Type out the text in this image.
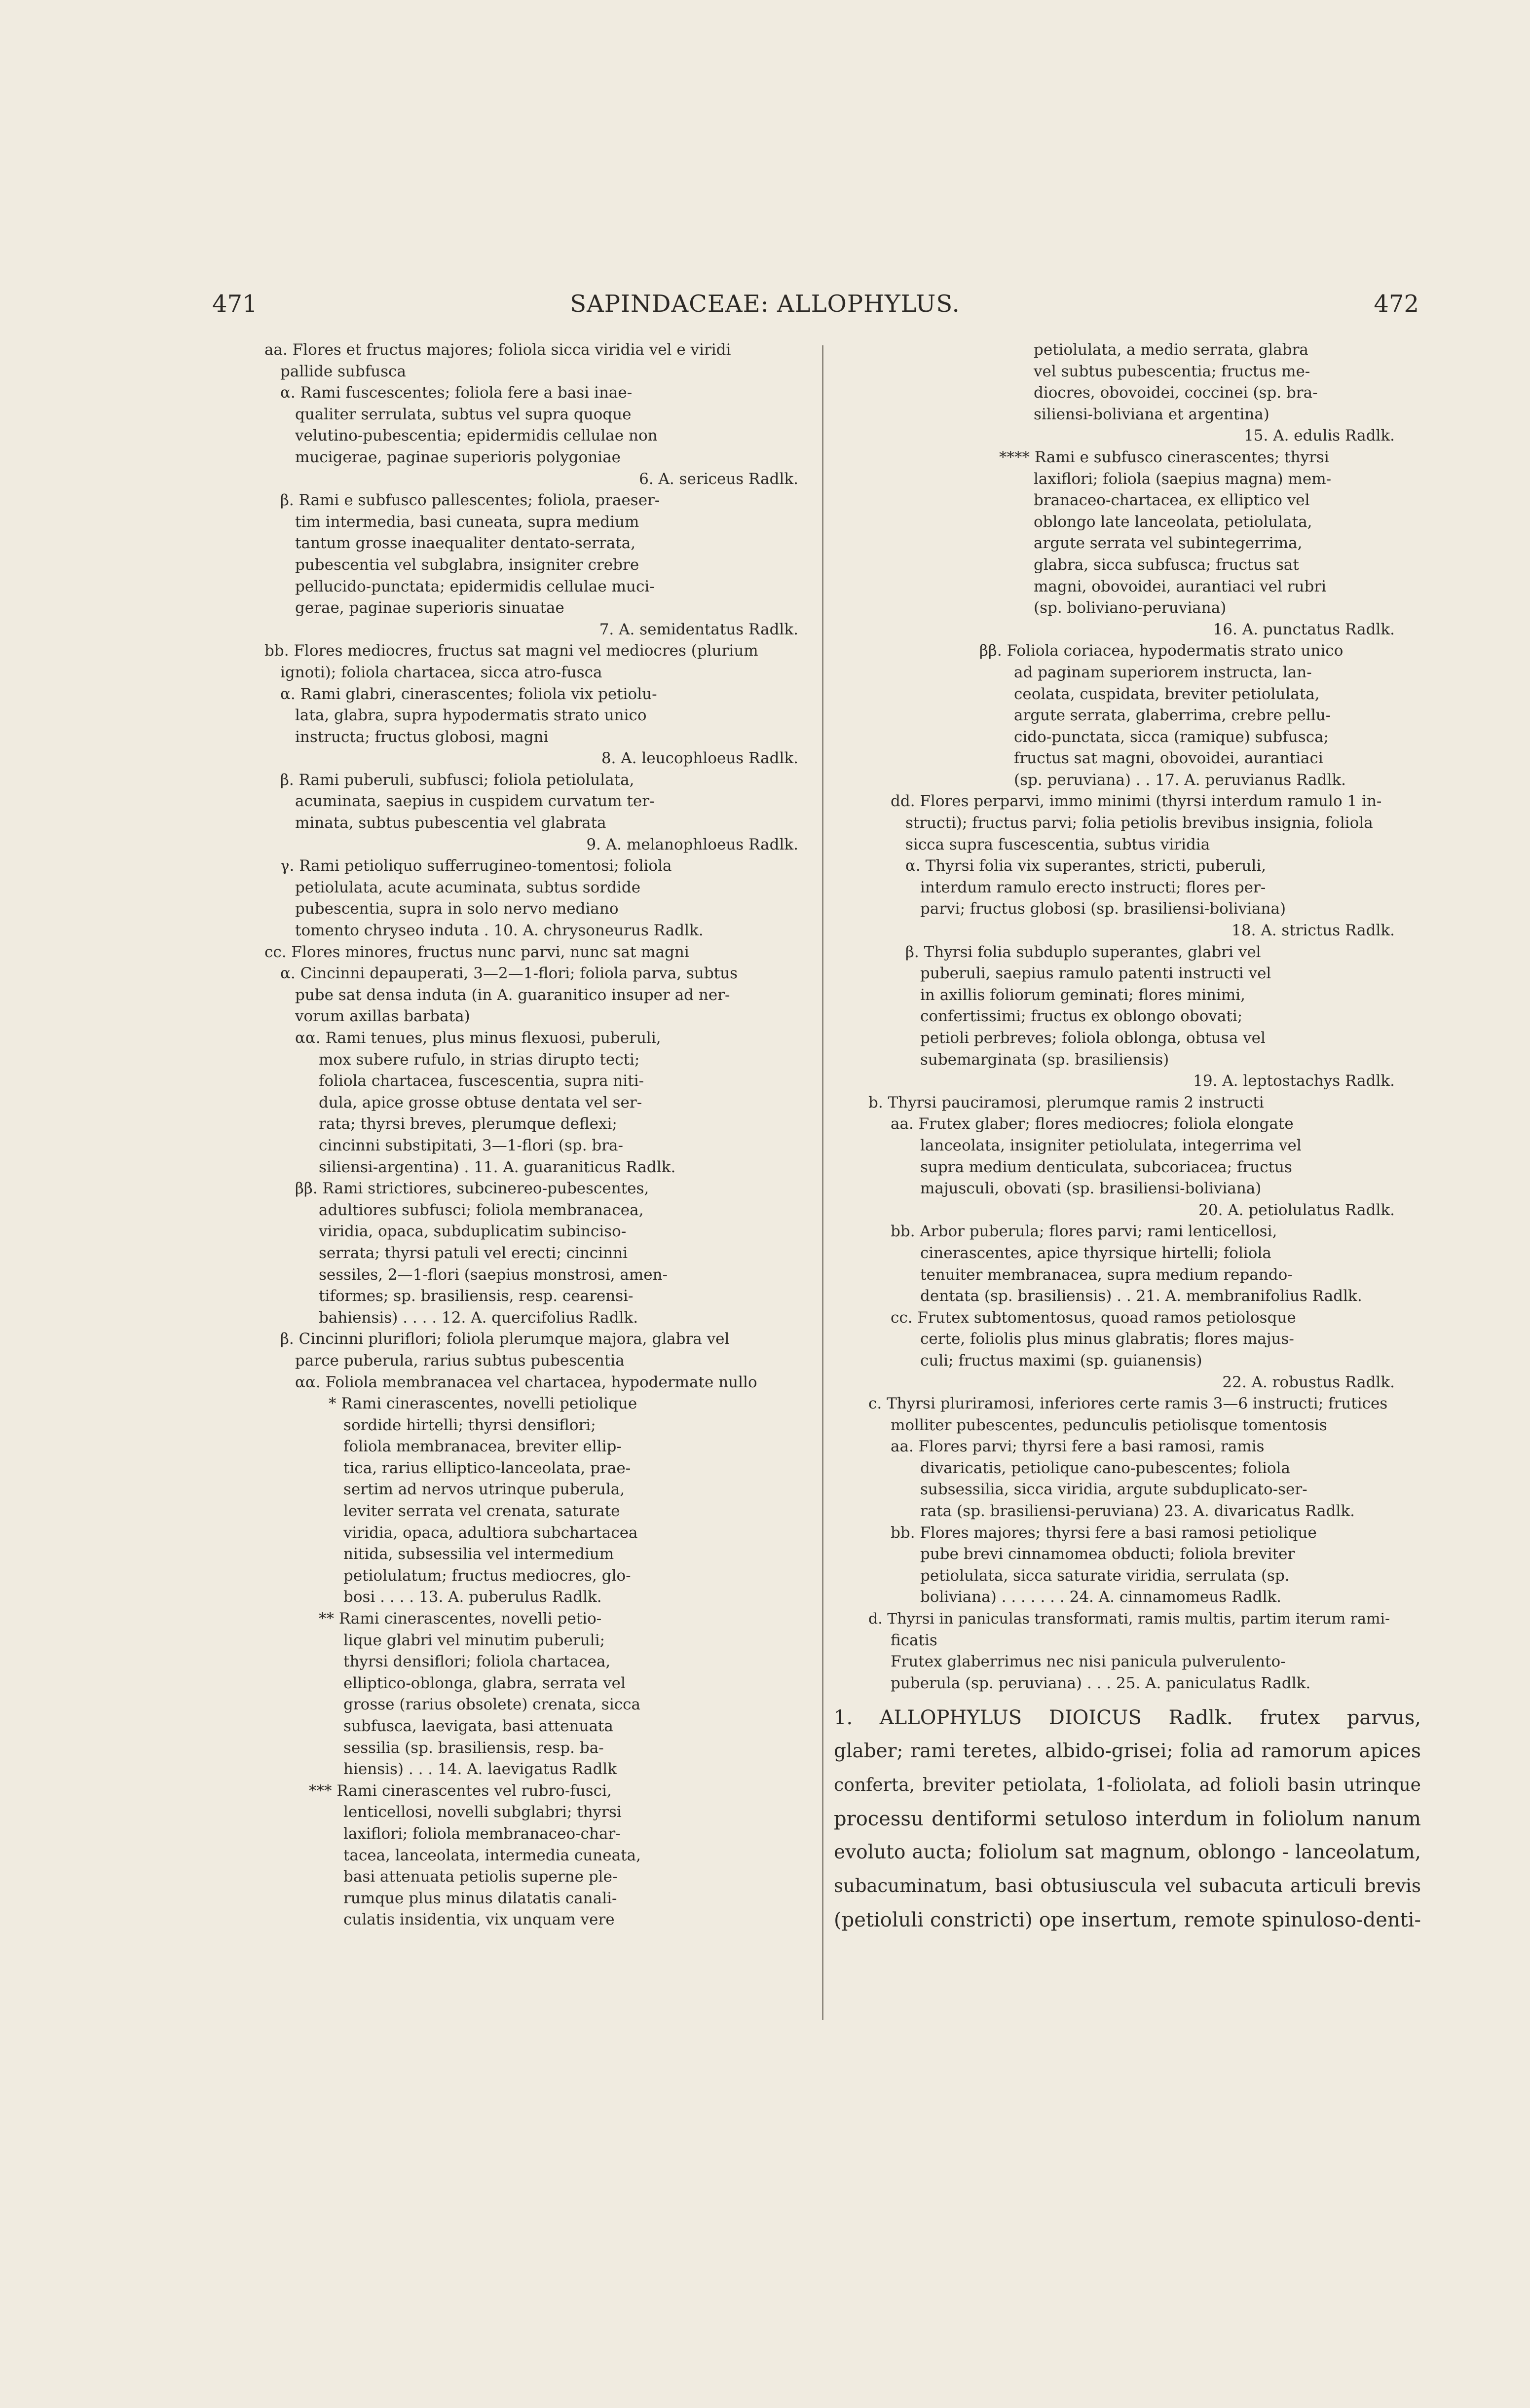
471	SAPINDACEAE: ALLOPHYLUS.	472
aa. Flores et fructus majores; foliola sicca viridia vel e viridi
pallide subfusca
α. Rami fuscescentes; foliola fere a basi inae-
qualiter serrulata, subtus vel supra quoque
velutino-pubescentia; epidermidis cellulae non
mucigerae, paginae superioris polygoniae
6. A. sericeus Radlk.
β. Rami e subfusco pallescentes; foliola, praeser-
tim intermedia, basi cuneata, supra medium
tantum grosse inaequaliter dentato-serrata,
pubescentia vel subglabra, insigniter crebre
pellucido-punctata; epidermidis cellulae muci-
gerae, paginae superioris sinuatae
7. A. semidentatus Radlk.
bb. Flores mediocres, fructus sat magni vel mediocres (plurium
ignoti); foliola chartacea, sicca atro-fusca
α. Rami glabri, cinerascentes; foliola vix petiolu-
lata, glabra, supra hypodermatis strato unico
instructa; fructus globosi, magni
8. A. leucophloeus Radlk.
β. Rami puberuli, subfusci; foliola petiolulata,
acuminata, saepius in cuspidem curvatum ter-
minata, subtus pubescentia vel glabrata
9. A. melanophloeus Radlk.
γ. Rami petioliquo sufferrugineo-tomentosi; foliola
petiolulata, acute acuminata, subtus sordide
pubescentia, supra in solo nervo mediano
tomento chryseo induta . 10. A. chrysoneurus Radlk.
cc. Flores minores, fructus nunc parvi, nunc sat magni
α. Cincinni depauperati, 3—2—1-flori; foliola parva, subtus
pube sat densa induta (in A. guaranitico insuper ad ner-
vorum axillas barbata)
αα. Rami tenues, plus minus flexuosi, puberuli,
mox subere rufulo, in strias dirupto tecti;
foliola chartacea, fuscescentia, supra niti-
dula, apice grosse obtuse dentata vel ser-
rata; thyrsi breves, plerumque deflexi;
cincinni substipitati, 3—1-flori (sp. bra-
siliensi-argentina) . 11. A. guaraniticus Radlk.
ββ. Rami strictiores, subcinereo-pubescentes,
adultiores subfusci; foliola membranacea,
viridia, opaca, subduplicatim subinciso-
serrata; thyrsi patuli vel erecti; cincinni
sessiles, 2—1-flori (saepius monstrosi, amen-
tiformes; sp. brasiliensis, resp. cearensi-
bahiensis) . . . . 12. A. quercifolius Radlk.
β. Cincinni pluriflori; foliola plerumque majora, glabra vel
parce puberula, rarius subtus pubescentia
αα. Foliola membranacea vel chartacea, hypodermate nullo
* Rami cinerascentes, novelli petiolique
sordide hirtelli; thyrsi densiflori;
foliola membranacea, breviter ellip-
tica, rarius elliptico-lanceolata, prae-
sertim ad nervos utrinque puberula,
leviter serrata vel crenata, saturate
viridia, opaca, adultiora subchartacea
nitida, subsessilia vel intermedium
petiolulatum; fructus mediocres, glo-
bosi . . . . 13. A. puberulus Radlk.
** Rami cinerascentes, novelli petio-
lique glabri vel minutim puberuli;
thyrsi densiflori; foliola chartacea,
elliptico-oblonga, glabra, serrata vel
grosse (rarius obsolete) crenata, sicca
subfusca, laevigata, basi attenuata
sessilia (sp. brasiliensis, resp. ba-
hiensis) . . . 14. A. laevigatus Radlk
*** Rami cinerascentes vel rubro-fusci,
lenticellosi, novelli subglabri; thyrsi
laxiflori; foliola membranaceo-char-
tacea, lanceolata, intermedia cuneata,
basi attenuata petiolis superne ple-
rumque plus minus dilatatis canali-
culatis insidentia, vix unquam vere
petiolulata, a medio serrata, glabra
vel subtus pubescentia; fructus me-
diocres, obovoidei, coccinei (sp. bra-
siliensi-boliviana et argentina)
15. A. edulis Radlk.
**** Rami e subfusco cinerascentes; thyrsi
laxiflori; foliola (saepius magna) mem-
branaceo-chartacea, ex elliptico vel
oblongo late lanceolata, petiolulata,
argute serrata vel subintegerrima,
glabra, sicca subfusca; fructus sat
magni, obovoidei, aurantiaci vel rubri
(sp. boliviano-peruviana)
16. A. punctatus Radlk.
ββ. Foliola coriacea, hypodermatis strato unico
ad paginam superiorem instructa, lan-
ceolata, cuspidata, breviter petiolulata,
argute serrata, glaberrima, crebre pellu-
cido-punctata, sicca (ramique) subfusca;
fructus sat magni, obovoidei, aurantiaci
(sp. peruviana) . . 17. A. peruvianus Radlk.
dd. Flores perparvi, immo minimi (thyrsi interdum ramulo 1 in-
structi); fructus parvi; folia petiolis brevibus insignia, foliola
sicca supra fuscescentia, subtus viridia
α. Thyrsi folia vix superantes, stricti, puberuli,
interdum ramulo erecto instructi; flores per-
parvi; fructus globosi (sp. brasiliensi-boliviana)
18. A. strictus Radlk.
β. Thyrsi folia subduplo superantes, glabri vel
puberuli, saepius ramulo patenti instructi vel
in axillis foliorum geminati; flores minimi,
confertissimi; fructus ex oblongo obovati;
petioli perbreves; foliola oblonga, obtusa vel
subemarginata (sp. brasiliensis)
19. A. leptostachys Radlk.
b. Thyrsi pauciramosi, plerumque ramis 2 instructi
aa. Frutex glaber; flores mediocres; foliola elongate
lanceolata, insigniter petiolulata, integerrima vel
supra medium denticulata, subcoriacea; fructus
majusculi, obovati (sp. brasiliensi-boliviana)
20. A. petiolulatus Radlk.
bb. Arbor puberula; flores parvi; rami lenticellosi,
cinerascentes, apice thyrsique hirtelli; foliola
tenuiter membranacea, supra medium repando-
dentata (sp. brasiliensis) . . 21. A. membranifolius Radlk.
cc. Frutex subtomentosus, quoad ramos petiolosque
certe, foliolis plus minus glabratis; flores majus-
culi; fructus maximi (sp. guianensis)
22. A. robustus Radlk.
c. Thyrsi pluriramosi, inferiores certe ramis 3—6 instructi; frutices
molliter pubescentes, pedunculis petiolisque tomentosis
aa. Flores parvi; thyrsi fere a basi ramosi, ramis
divaricatis, petiolique cano-pubescentes; foliola
subsessilia, sicca viridia, argute subduplicato-ser-
rata (sp. brasiliensi-peruviana) 23. A. divaricatus Radlk.
bb. Flores majores; thyrsi fere a basi ramosi petiolique
pube brevi cinnamomea obducti; foliola breviter
petiolulata, sicca saturate viridia, serrulata (sp.
boliviana) . . . . . . . 24. A. cinnamomeus Radlk.
d. Thyrsi in paniculas transformati, ramis multis, partim iterum rami-
ficatis
Frutex glaberrimus nec nisi panicula pulverulento-
puberula (sp. peruviana) . . . 25. A. paniculatus Radlk.
1. ALLOPHYLUS DIOICUS Radlk. frutex parvus,
glaber; rami teretes, albido-grisei; folia ad ramorum apices
conferta, breviter petiolata, 1-foliolata, ad folioli basin utrinque
processu dentiformi setuloso interdum in foliolum nanum
evoluto aucta; foliolum sat magnum, oblongo - lanceolatum,
subacuminatum, basi obtusiuscula vel subacuta articuli brevis
(petioluli constricti) ope insertum, remote spinuloso-denti-
